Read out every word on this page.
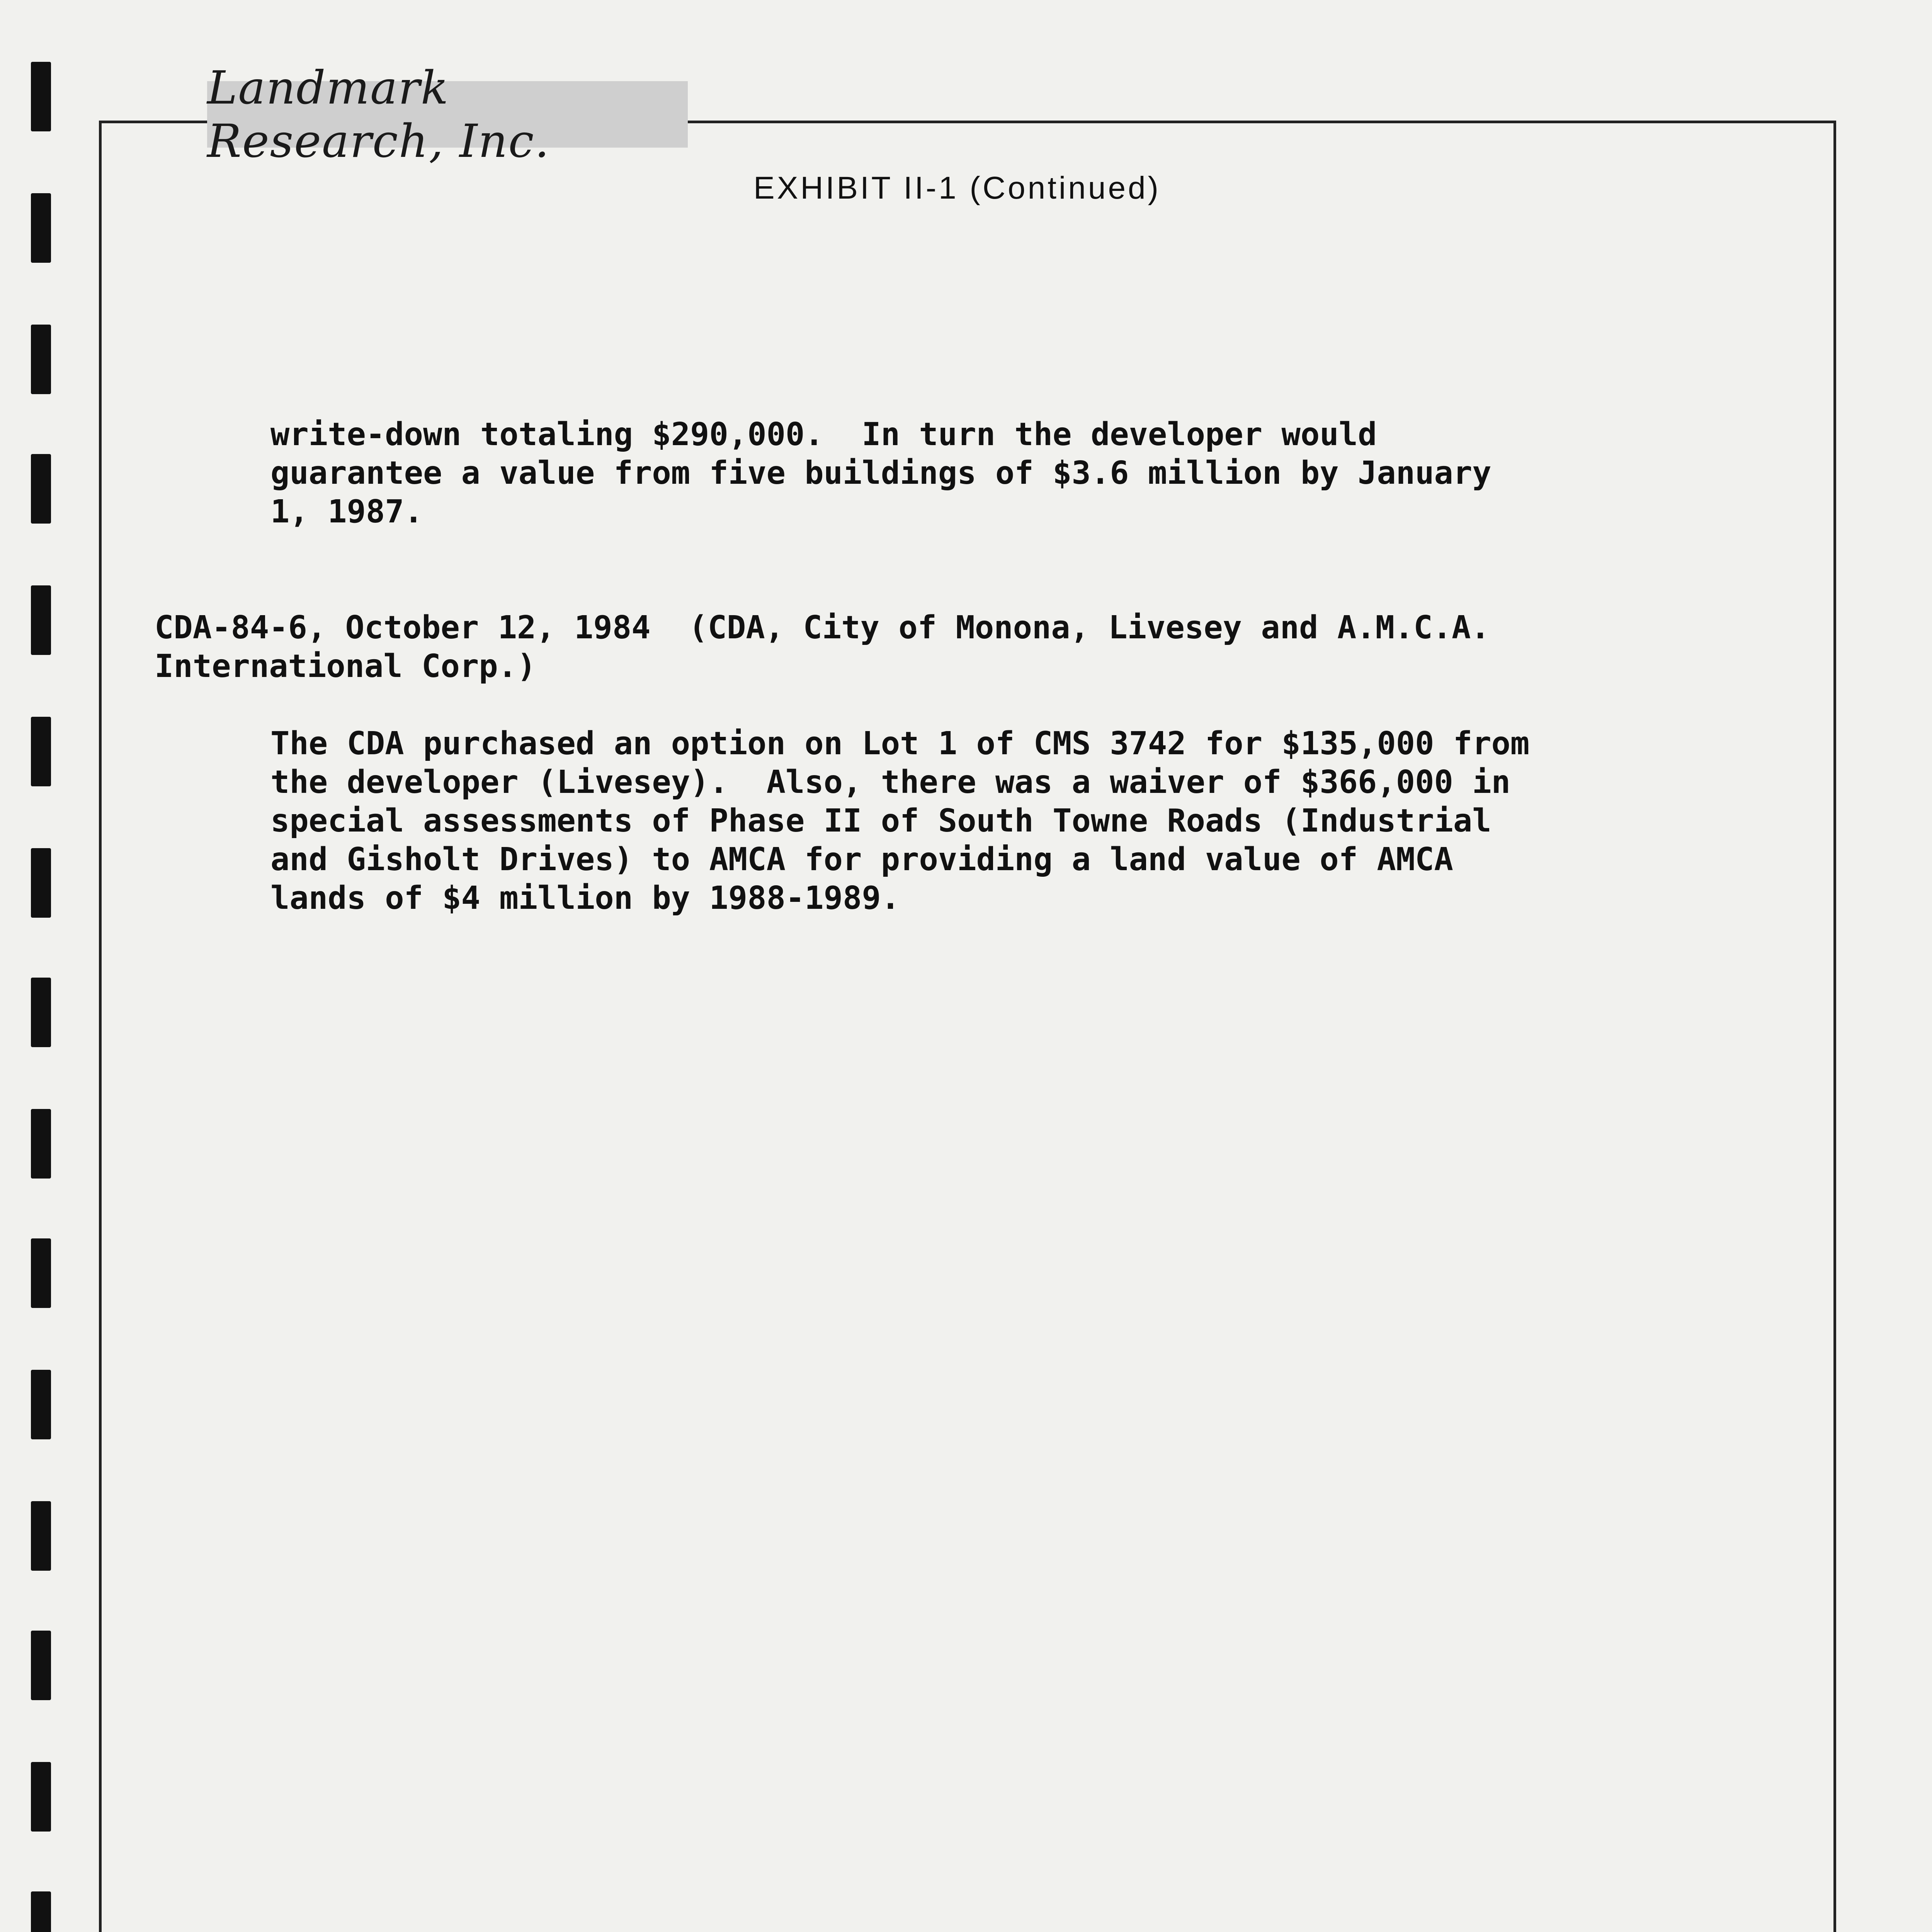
Landmark Research, Inc.
EXHIBIT II-1 (Continued)

write-down totaling $290,000.  In turn the developer would
guarantee a value from five buildings of $3.6 million by January
1, 1987.

CDA-84-6, October 12, 1984  (CDA, City of Monona, Livesey and A.M.C.A.
International Corp.)

The CDA purchased an option on Lot 1 of CMS 3742 for $135,000 from
the developer (Livesey).  Also, there was a waiver of $366,000 in
special assessments of Phase II of South Towne Roads (Industrial
and Gisholt Drives) to AMCA for providing a land value of AMCA
lands of $4 million by 1988-1989.
